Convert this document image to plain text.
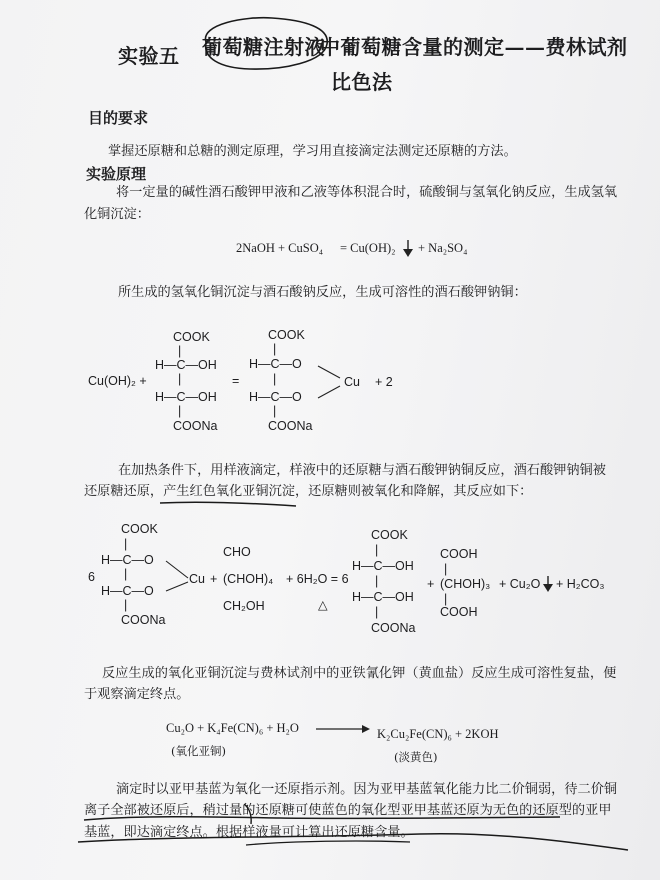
实验五 葡萄糖注射液
中葡萄糖含量的测定——费林试剂
比色法
目的要求
掌握还原糖和总糖的测定原理，学习用直接滴定法测定还原糖的方法。
实验原理
将一定量的碱性酒石酸钾甲液和乙液等体积混合时，硫酸铜与氢氧化钠反应，生成氢氧
化铜沉淀：
2NaOH + CuSO₄ = Cu(OH)₂ + Na₂SO₄
所生成的氢氧化铜沉淀与酒石酸钠反应，生成可溶性的酒石酸钾钠铜：
COOK
|
H—C—OH
|
Cu(OH)₂ +
H—C—OH
|
COONa
=
COOK
|
H—C—O
|
H—C—O
|
COONa
Cu + 2
在加热条件下，用样液滴定，样液中的还原糖与酒石酸钾钠铜反应，酒石酸钾钠铜被
还原糖还原，产生红色氧化亚铜沉淀，还原糖则被氧化和降解，其反应如下：
COOK
|
H—C—O
6 |
H—C—O
|
COONa
Cu
CHO
+ (CHOH)₄
CH₂OH
+ 6H₂O = 6
△
COOK
|
H—C—OH
|
H—C—OH
|
COONa
COOH
|
+ (CHOH)₃
|
COOH
+ Cu₂O + H₂CO₃
反应生成的氧化亚铜沉淀与费林试剂中的亚铁氰化钾（黄血盐）反应生成可溶性复盐，便
于观察滴定终点。
Cu₂O + K₄Fe(CN)₆ + H₂O	K₂Cu₂Fe(CN)₆ + 2KOH
(氧化亚铜)	(淡黄色)
滴定时以亚甲基蓝为氧化一还原指示剂。因为亚甲基蓝氧化能力比二价铜弱，待二价铜
离子全部被还原后，稍过量的还原糖可使蓝色的氧化型亚甲基蓝还原为无色的还原型的亚甲
基蓝，即达滴定终点。根据样液量可计算出还原糖含量。
